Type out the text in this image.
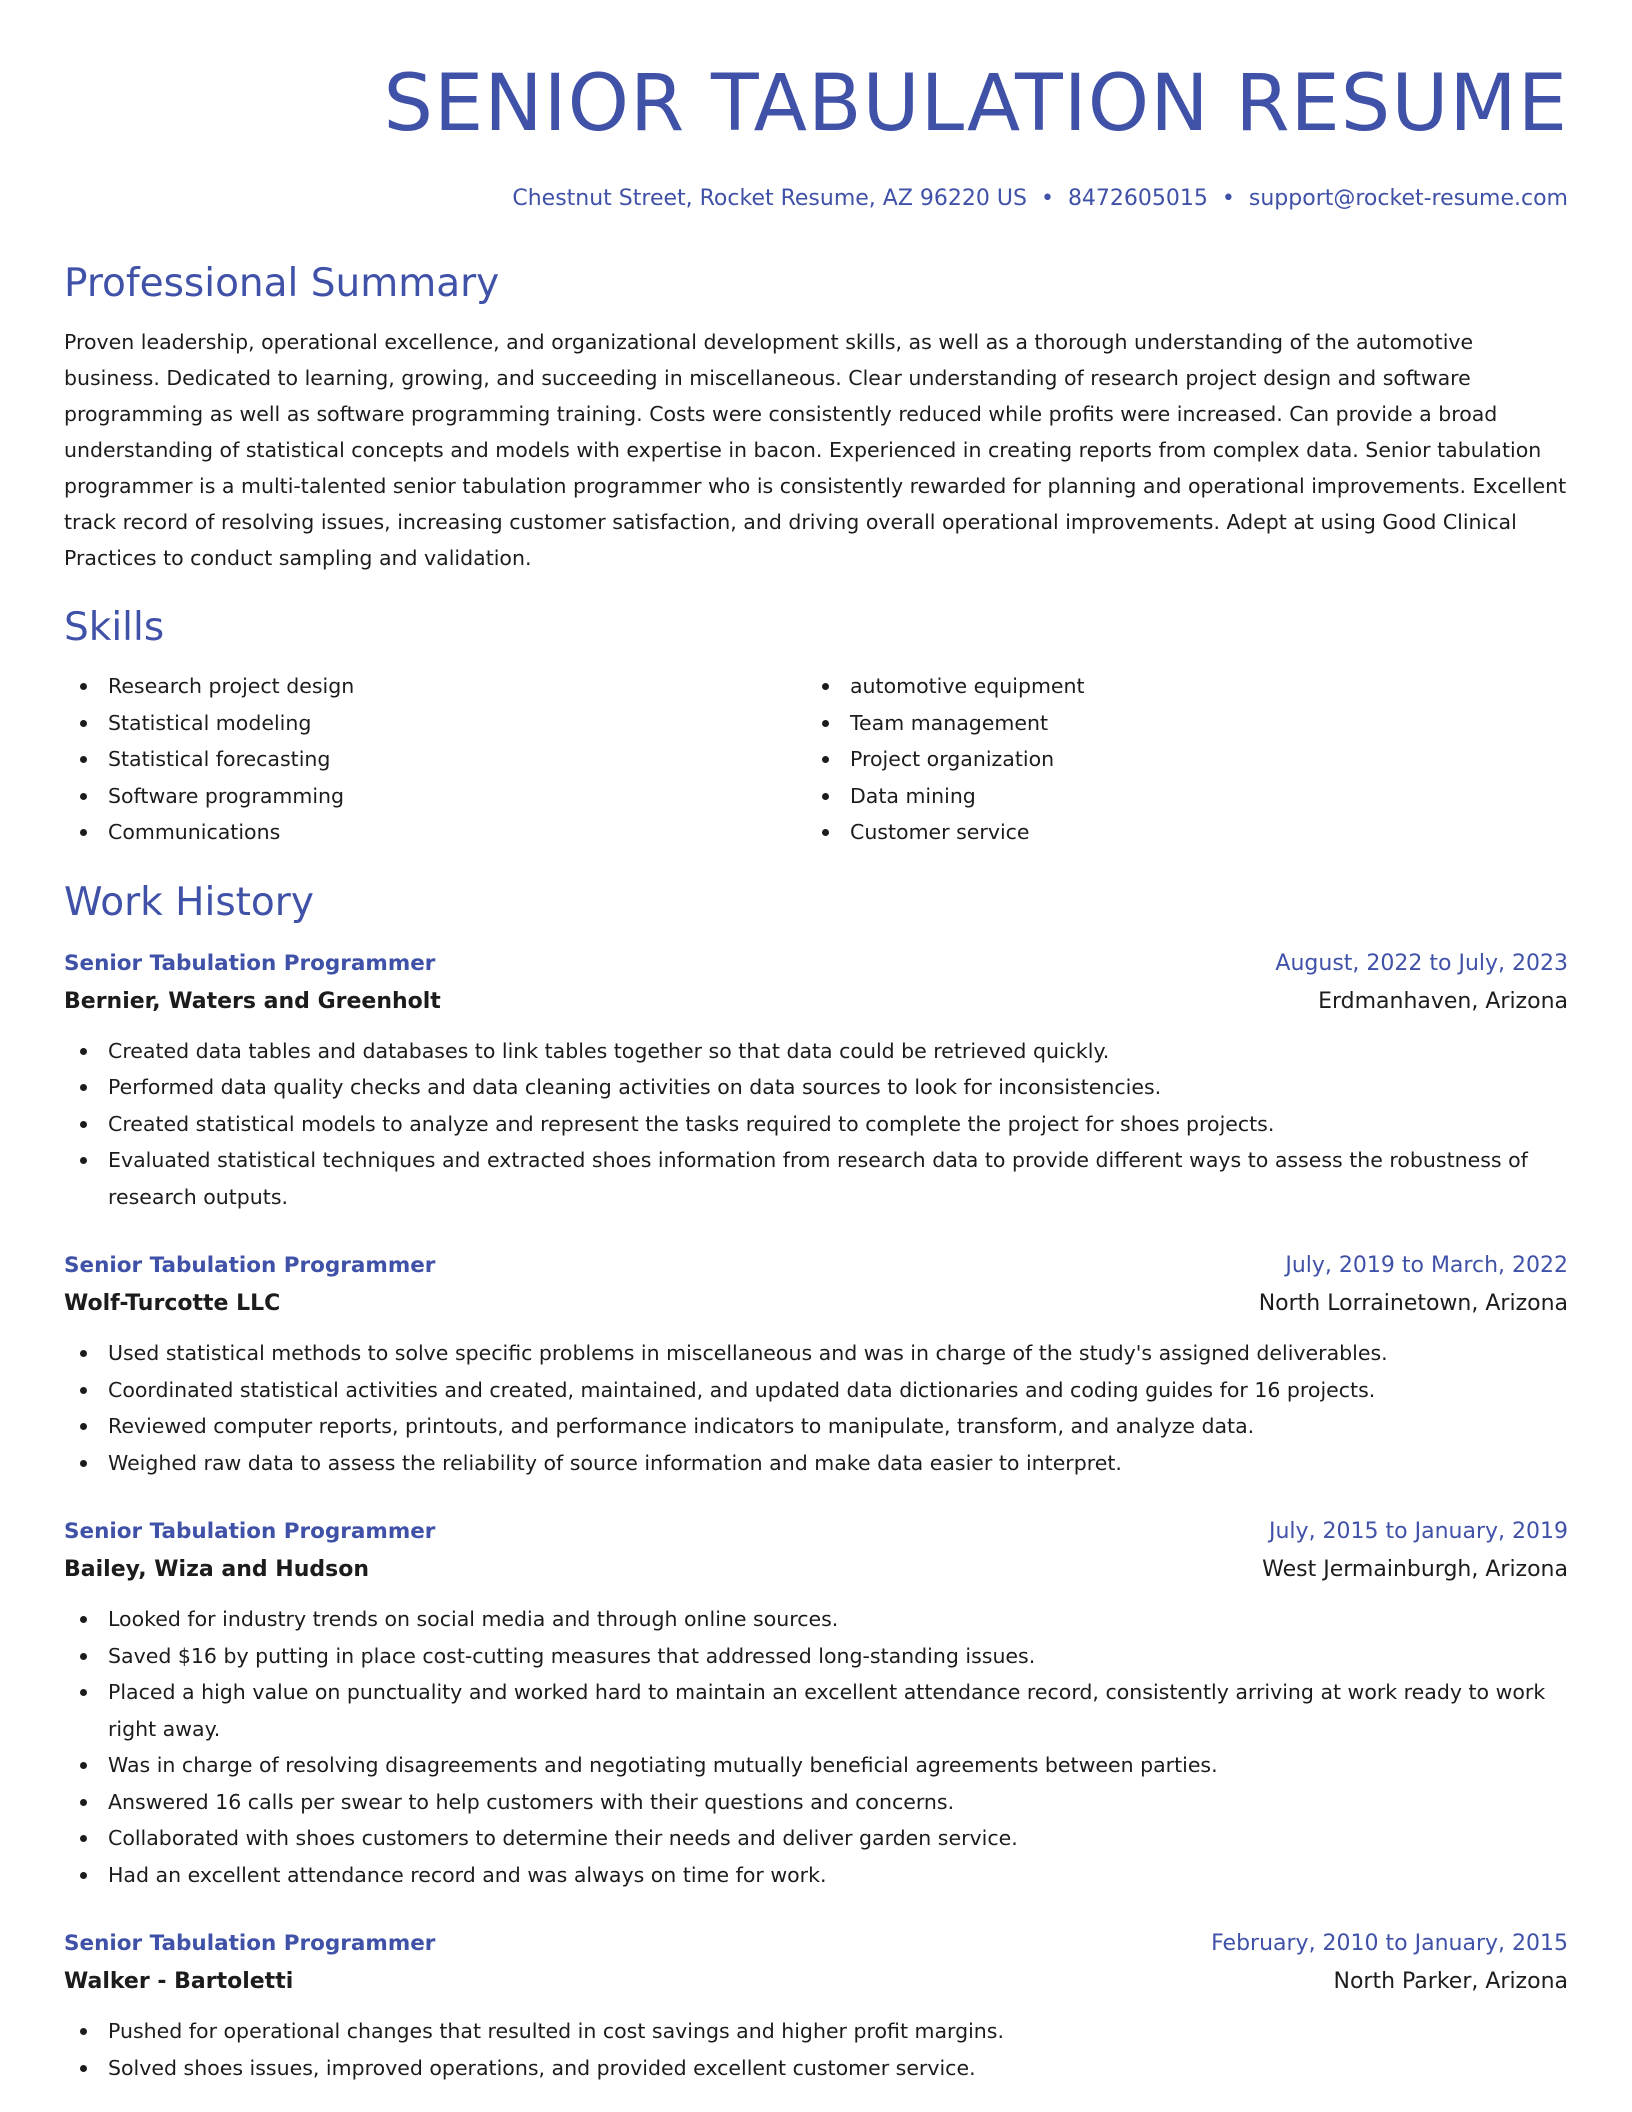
SENIOR TABULATION RESUME
Chestnut Street, Rocket Resume, AZ 96220 US • 8472605015 • support@rocket-resume.com
Professional Summary

Proven leadership, operational excellence, and organizational development skills, as well as a thorough understanding of the automotive business. Dedicated to learning, growing, and succeeding in miscellaneous. Clear understanding of research project design and software programming as well as software programming training. Costs were consistently reduced while profits were increased. Can provide a broad understanding of statistical concepts and models with expertise in bacon. Experienced in creating reports from complex data. Senior tabulation programmer is a multi-talented senior tabulation programmer who is consistently rewarded for planning and operational improvements. Excellent track record of resolving issues, increasing customer satisfaction, and driving overall operational improvements. Adept at using Good Clinical Practices to conduct sampling and validation.

Skills
Research project design
Statistical modeling
Statistical forecasting
Software programming
Communications
automotive equipment
Team management
Project organization
Data mining
Customer service
Work History
Senior Tabulation Programmer	August, 2022 to July, 2023
Bernier, Waters and Greenholt	Erdmanhaven, Arizona
Created data tables and databases to link tables together so that data could be retrieved quickly.
Performed data quality checks and data cleaning activities on data sources to look for inconsistencies.
Created statistical models to analyze and represent the tasks required to complete the project for shoes projects.
Evaluated statistical techniques and extracted shoes information from research data to provide different ways to assess the robustness of research outputs.
Senior Tabulation Programmer	July, 2019 to March, 2022
Wolf-Turcotte LLC	North Lorrainetown, Arizona
Used statistical methods to solve specific problems in miscellaneous and was in charge of the study's assigned deliverables.
Coordinated statistical activities and created, maintained, and updated data dictionaries and coding guides for 16 projects.
Reviewed computer reports, printouts, and performance indicators to manipulate, transform, and analyze data.
Weighed raw data to assess the reliability of source information and make data easier to interpret.
Senior Tabulation Programmer	July, 2015 to January, 2019
Bailey, Wiza and Hudson	West Jermainburgh, Arizona
Looked for industry trends on social media and through online sources.
Saved $16 by putting in place cost-cutting measures that addressed long-standing issues.
Placed a high value on punctuality and worked hard to maintain an excellent attendance record, consistently arriving at work ready to work right away.
Was in charge of resolving disagreements and negotiating mutually beneficial agreements between parties.
Answered 16 calls per swear to help customers with their questions and concerns.
Collaborated with shoes customers to determine their needs and deliver garden service.
Had an excellent attendance record and was always on time for work.
Senior Tabulation Programmer	February, 2010 to January, 2015
Walker - Bartoletti	North Parker, Arizona
Pushed for operational changes that resulted in cost savings and higher profit margins.
Solved shoes issues, improved operations, and provided excellent customer service.
